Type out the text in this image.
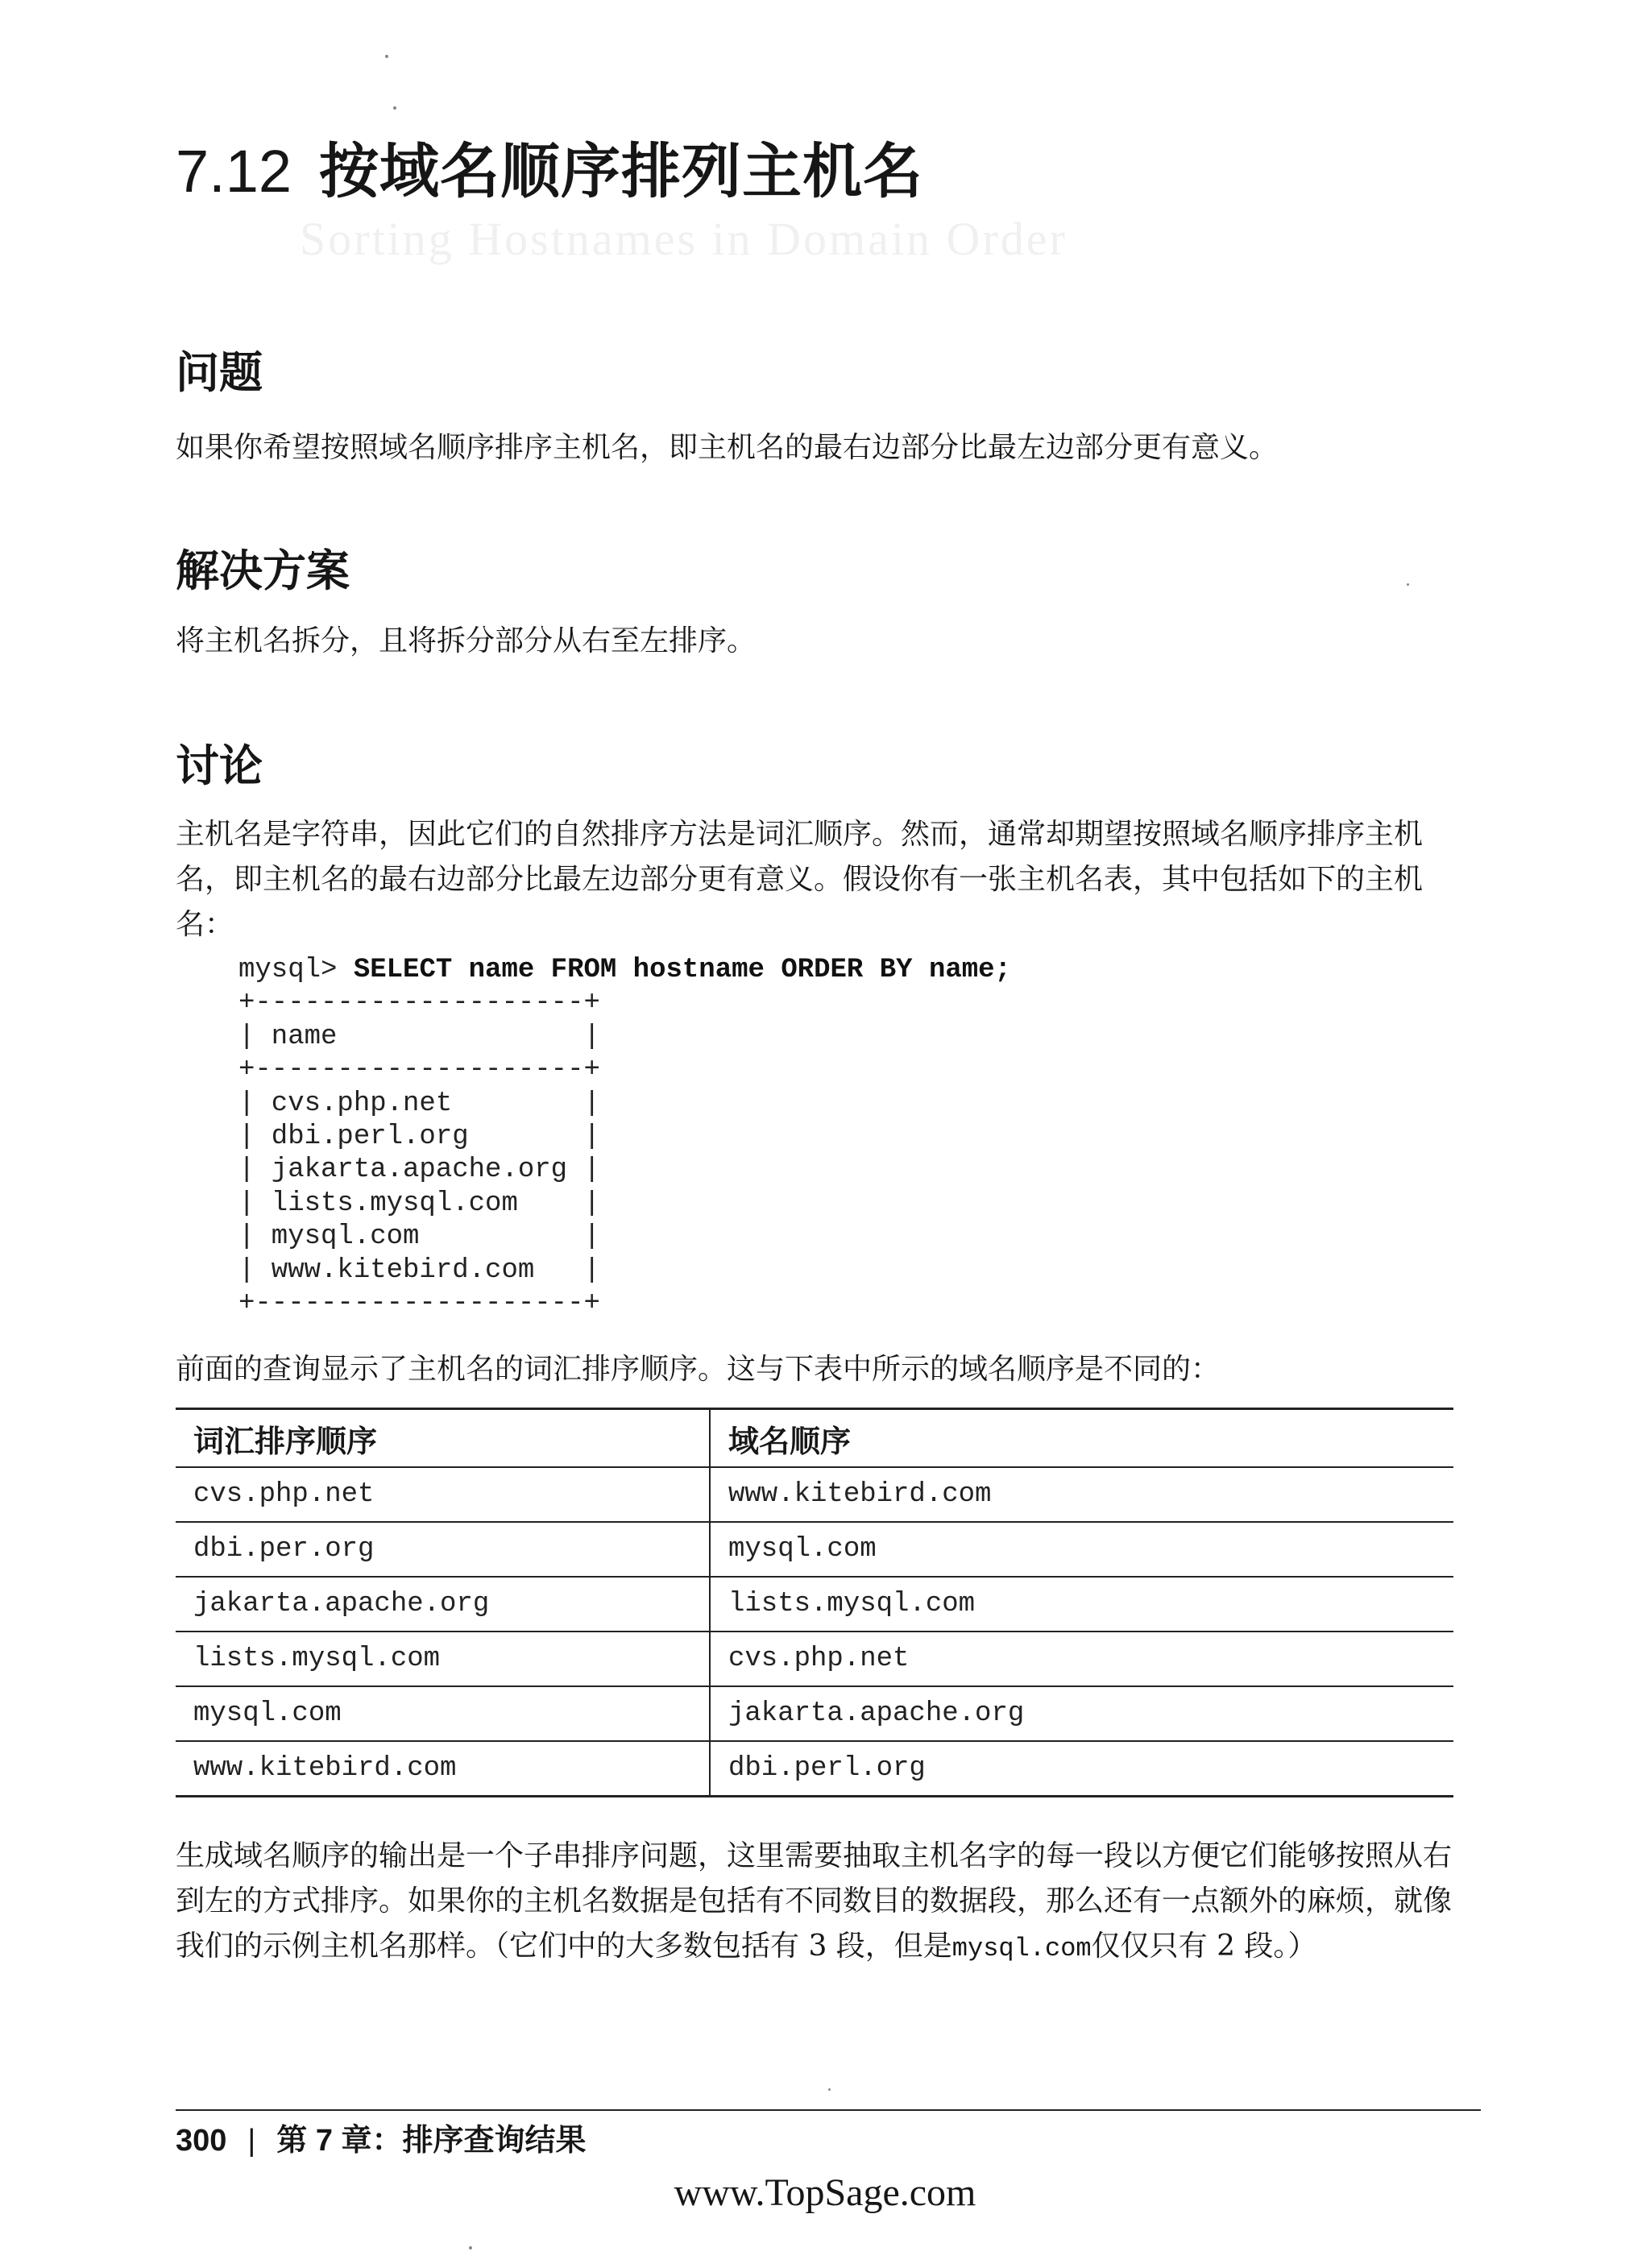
7.12 按域名顺序排列主机名

Sorting Hostnames in Domain Order

问题

如果你希望按照域名顺序排序主机名，即主机名的最右边部分比最左边部分更有意义。

解决方案

将主机名拆分，且将拆分部分从右至左排序。

讨论

主机名是字符串，因此它们的自然排序方法是词汇顺序。然而，通常却期望按照域名顺序排序主机名，即主机名的最右边部分比最左边部分更有意义。假设你有一张主机名表，其中包括如下的主机名：

mysql> SELECT name FROM hostname ORDER BY name;
+--------------------+
| name               |
+--------------------+
| cvs.php.net        |
| dbi.perl.org       |
| jakarta.apache.org |
| lists.mysql.com    |
| mysql.com          |
| www.kitebird.com   |
+--------------------+

前面的查询显示了主机名的词汇排序顺序。这与下表中所示的域名顺序是不同的：

词汇排序顺序	域名顺序
cvs.php.net	www.kitebird.com
dbi.per.org	mysql.com
jakarta.apache.org	lists.mysql.com
lists.mysql.com	cvs.php.net
mysql.com	jakarta.apache.org
www.kitebird.com	dbi.perl.org

生成域名顺序的输出是一个子串排序问题，这里需要抽取主机名字的每一段以方便它们能够按照从右到左的方式排序。如果你的主机名数据是包括有不同数目的数据段，那么还有一点额外的麻烦，就像我们的示例主机名那样。（它们中的大多数包括有 3 段，但是mysql.com仅仅只有 2 段。）

300 | 第 7 章：排序查询结果

www.TopSage.com
